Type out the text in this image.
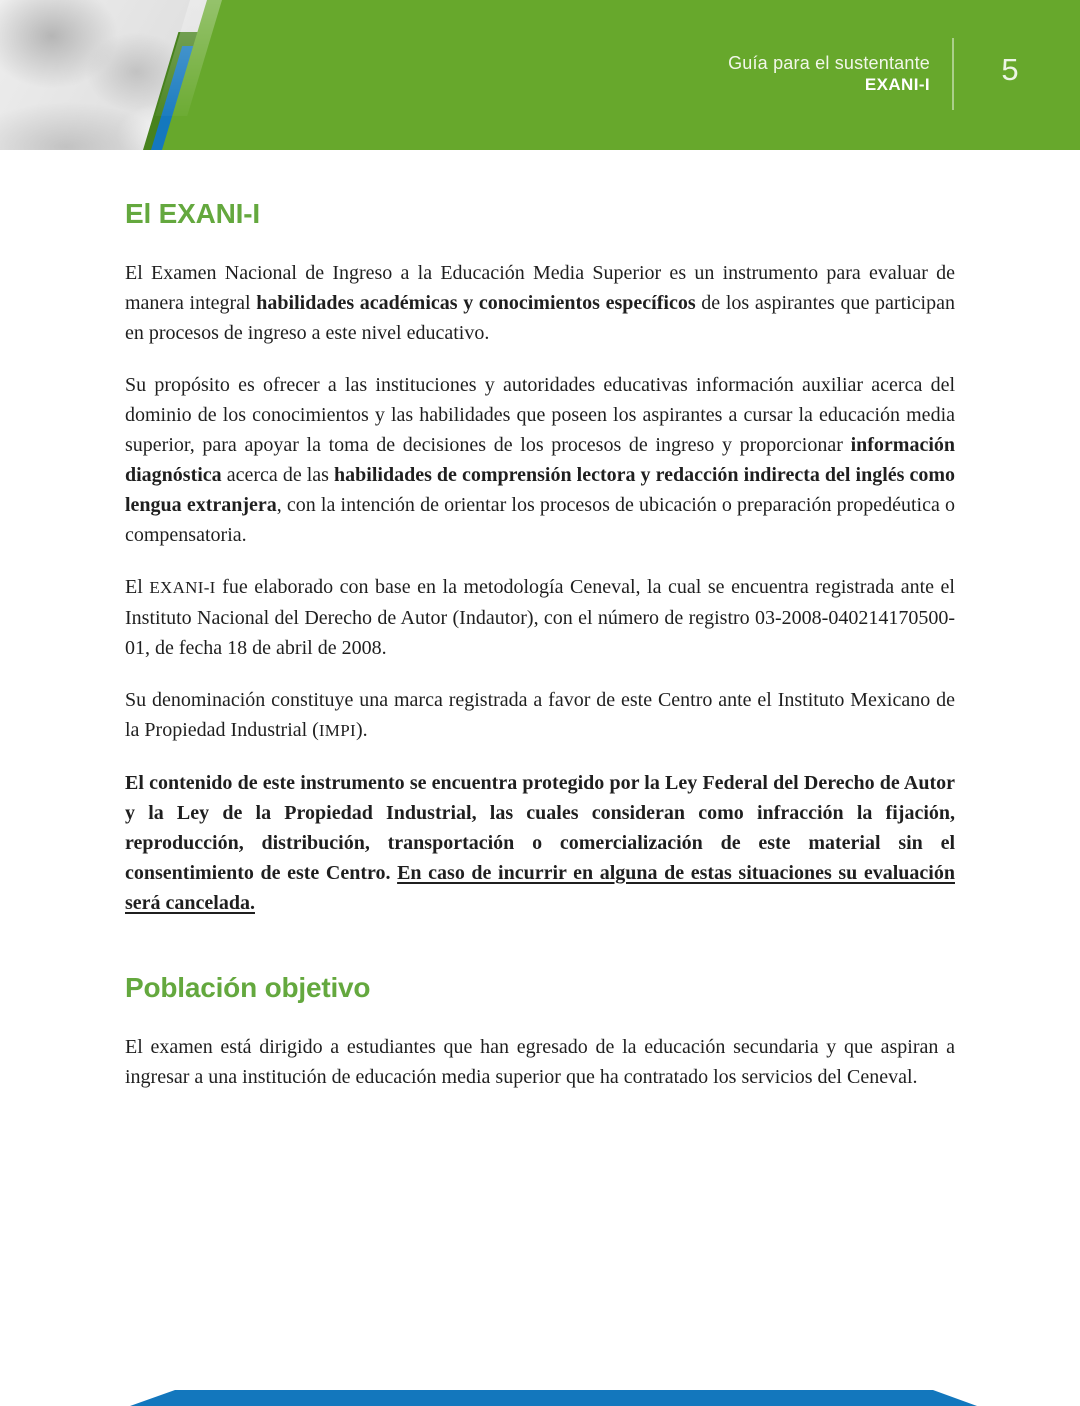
Guía para el sustentante
EXANI-I	5
El EXANI-I

El Examen Nacional de Ingreso a la Educación Media Superior es un instrumento para evaluar de manera integral habilidades académicas y conocimientos específicos de los aspirantes que participan en procesos de ingreso a este nivel educativo.

Su propósito es ofrecer a las instituciones y autoridades educativas información auxiliar acerca del dominio de los conocimientos y las habilidades que poseen los aspirantes a cursar la educación media superior, para apoyar la toma de decisiones de los procesos de ingreso y proporcionar información diagnóstica acerca de las habilidades de comprensión lectora y redacción indirecta del inglés como lengua extranjera, con la intención de orientar los procesos de ubicación o preparación propedéutica o compensatoria.

El EXANI-I fue elaborado con base en la metodología Ceneval, la cual se encuentra registrada ante el Instituto Nacional del Derecho de Autor (Indautor), con el número de registro 03-2008-040214170500-01, de fecha 18 de abril de 2008.

Su denominación constituye una marca registrada a favor de este Centro ante el Instituto Mexicano de la Propiedad Industrial (IMPI).

El contenido de este instrumento se encuentra protegido por la Ley Federal del Derecho de Autor y la Ley de la Propiedad Industrial, las cuales consideran como infracción la fijación, reproducción, distribución, transportación o comercialización de este material sin el consentimiento de este Centro. En caso de incurrir en alguna de estas situaciones su evaluación será cancelada.

Población objetivo

El examen está dirigido a estudiantes que han egresado de la educación secundaria y que aspiran a ingresar a una institución de educación media superior que ha contratado los servicios del Ceneval.
